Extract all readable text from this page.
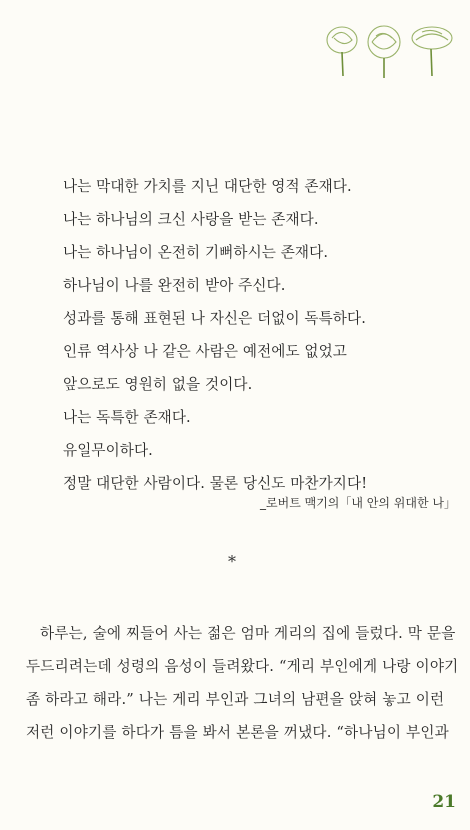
나는 막대한 가치를 지닌 대단한 영적 존재다.
나는 하나님의 크신 사랑을 받는 존재다.
나는 하나님이 온전히 기뻐하시는 존재다.
하나님이 나를 완전히 받아 주신다.
성과를 통해 표현된 나 자신은 더없이 독특하다.
인류 역사상 나 같은 사람은 예전에도 없었고
앞으로도 영원히 없을 것이다.
나는 독특한 존재다.
유일무이하다.
정말 대단한 사람이다. 물론 당신도 마찬가지다!
_로버트 맥기의「내 안의 위대한 나」
*
하루는, 술에 찌들어 사는 젊은 엄마 게리의 집에 들렀다. 막 문을
두드리려는데 성령의 음성이 들려왔다. “게리 부인에게 나랑 이야기
좀 하라고 해라.” 나는 게리 부인과 그녀의 남편을 앉혀 놓고 이런
저런 이야기를 하다가 틈을 봐서 본론을 꺼냈다. “하나님이 부인과
21
